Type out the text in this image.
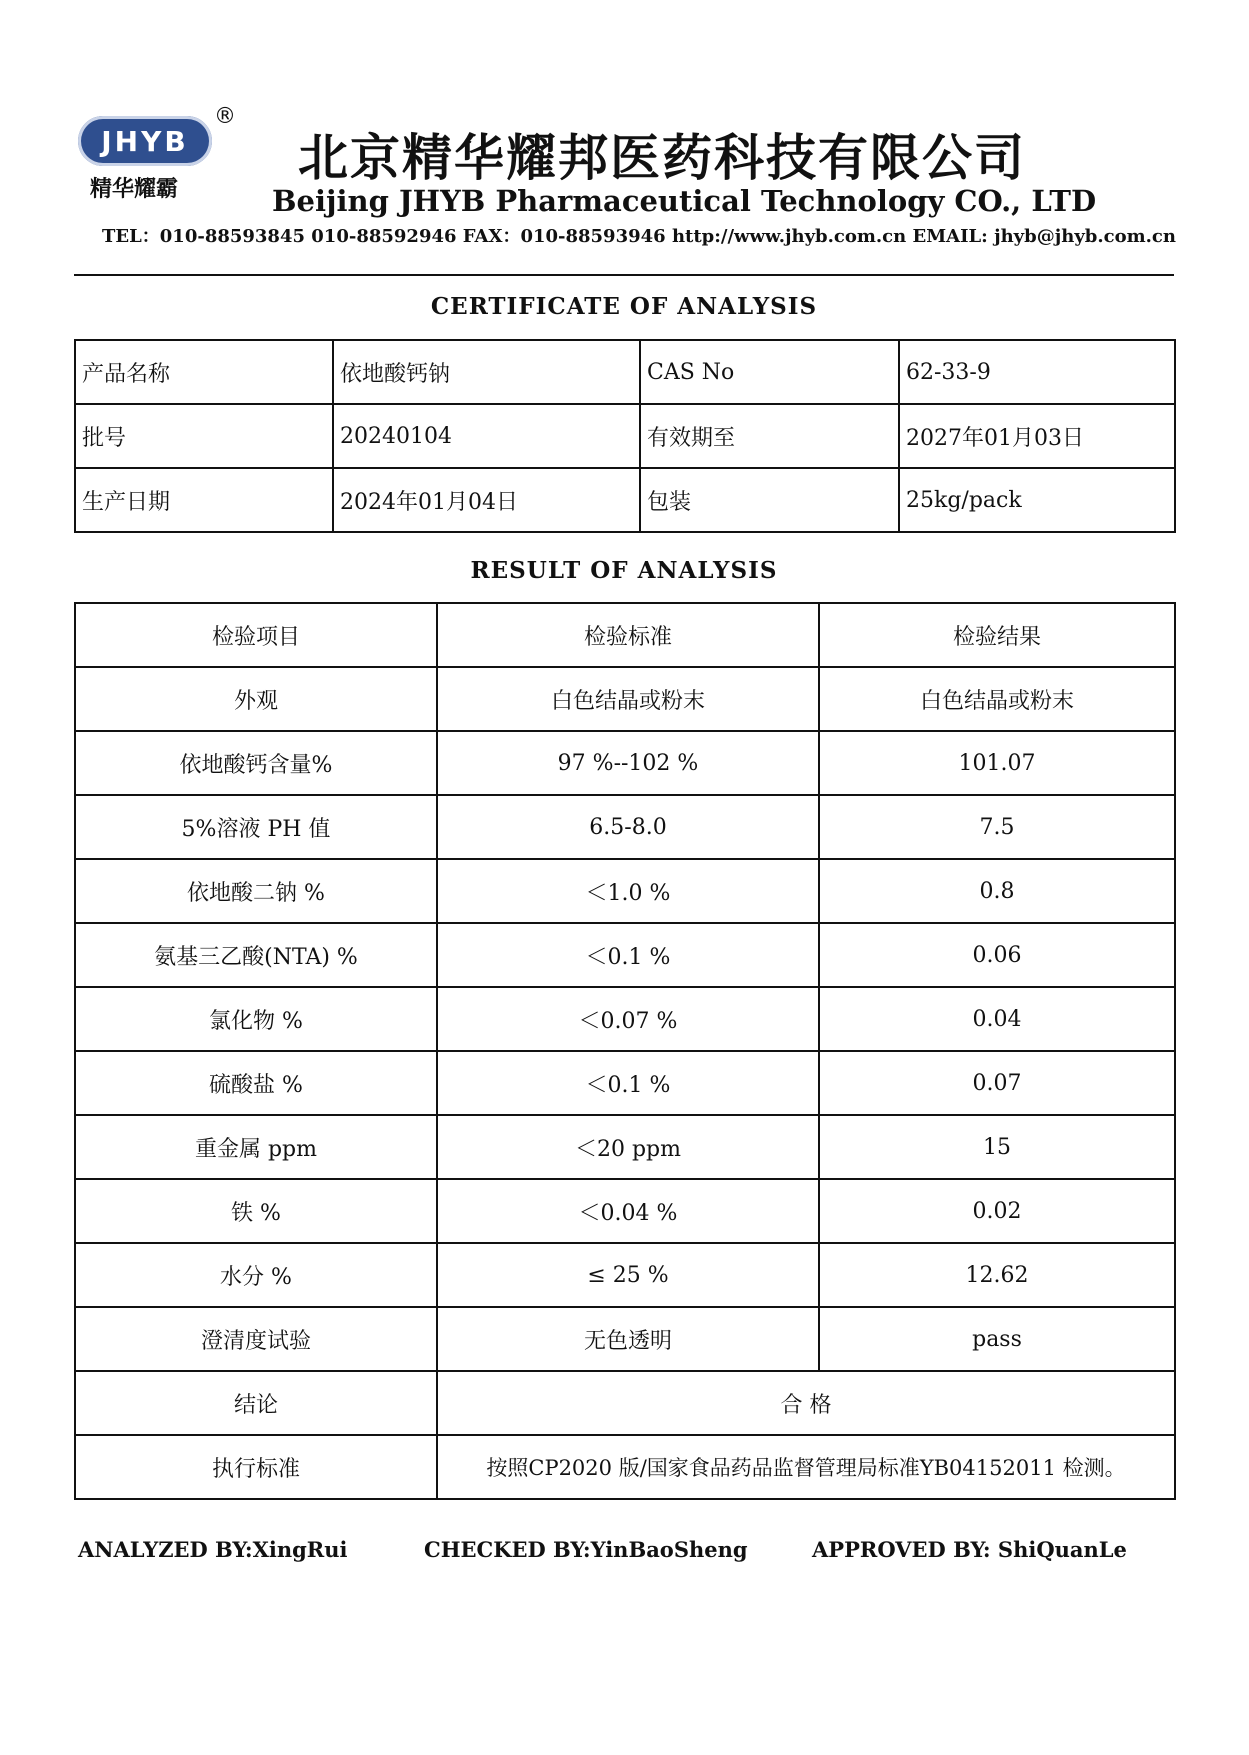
JHYB
®
精华耀霸
北京精华耀邦医药科技有限公司
Beijing JHYB Pharmaceutical Technology CO., LTD
TEL：010-88593845 010-88592946 FAX：010-88593946 http://www.jhyb.com.cn EMAIL: jhyb@jhyb.com.cn
CERTIFICATE OF ANALYSIS
产品名称	依地酸钙钠	CAS No	62-33-9
批号	20240104	有效期至	2027年01月03日
生产日期	2024年01月04日	包装	25kg/pack
RESULT OF ANALYSIS
检验项目	检验标准	检验结果
外观	白色结晶或粉末	白色结晶或粉末
依地酸钙含量%	97 %--102 %	101.07
5%溶液 PH 值	6.5-8.0	7.5
依地酸二钠 %	＜1.0 %	0.8
氨基三乙酸(NTA) %	＜0.1 %	0.06
氯化物 %	＜0.07 %	0.04
硫酸盐 %	＜0.1 %	0.07
重金属 ppm	＜20 ppm	15
铁 %	＜0.04 %	0.02
水分 %	≤ 25 %	12.62
澄清度试验	无色透明	pass
结论	合 格	
执行标准	按照CP2020 版/国家食品药品监督管理局标准YB04152011 检测。	
ANALYZED BY:XingRui	CHECKED BY:YinBaoSheng	APPROVED BY: ShiQuanLe
